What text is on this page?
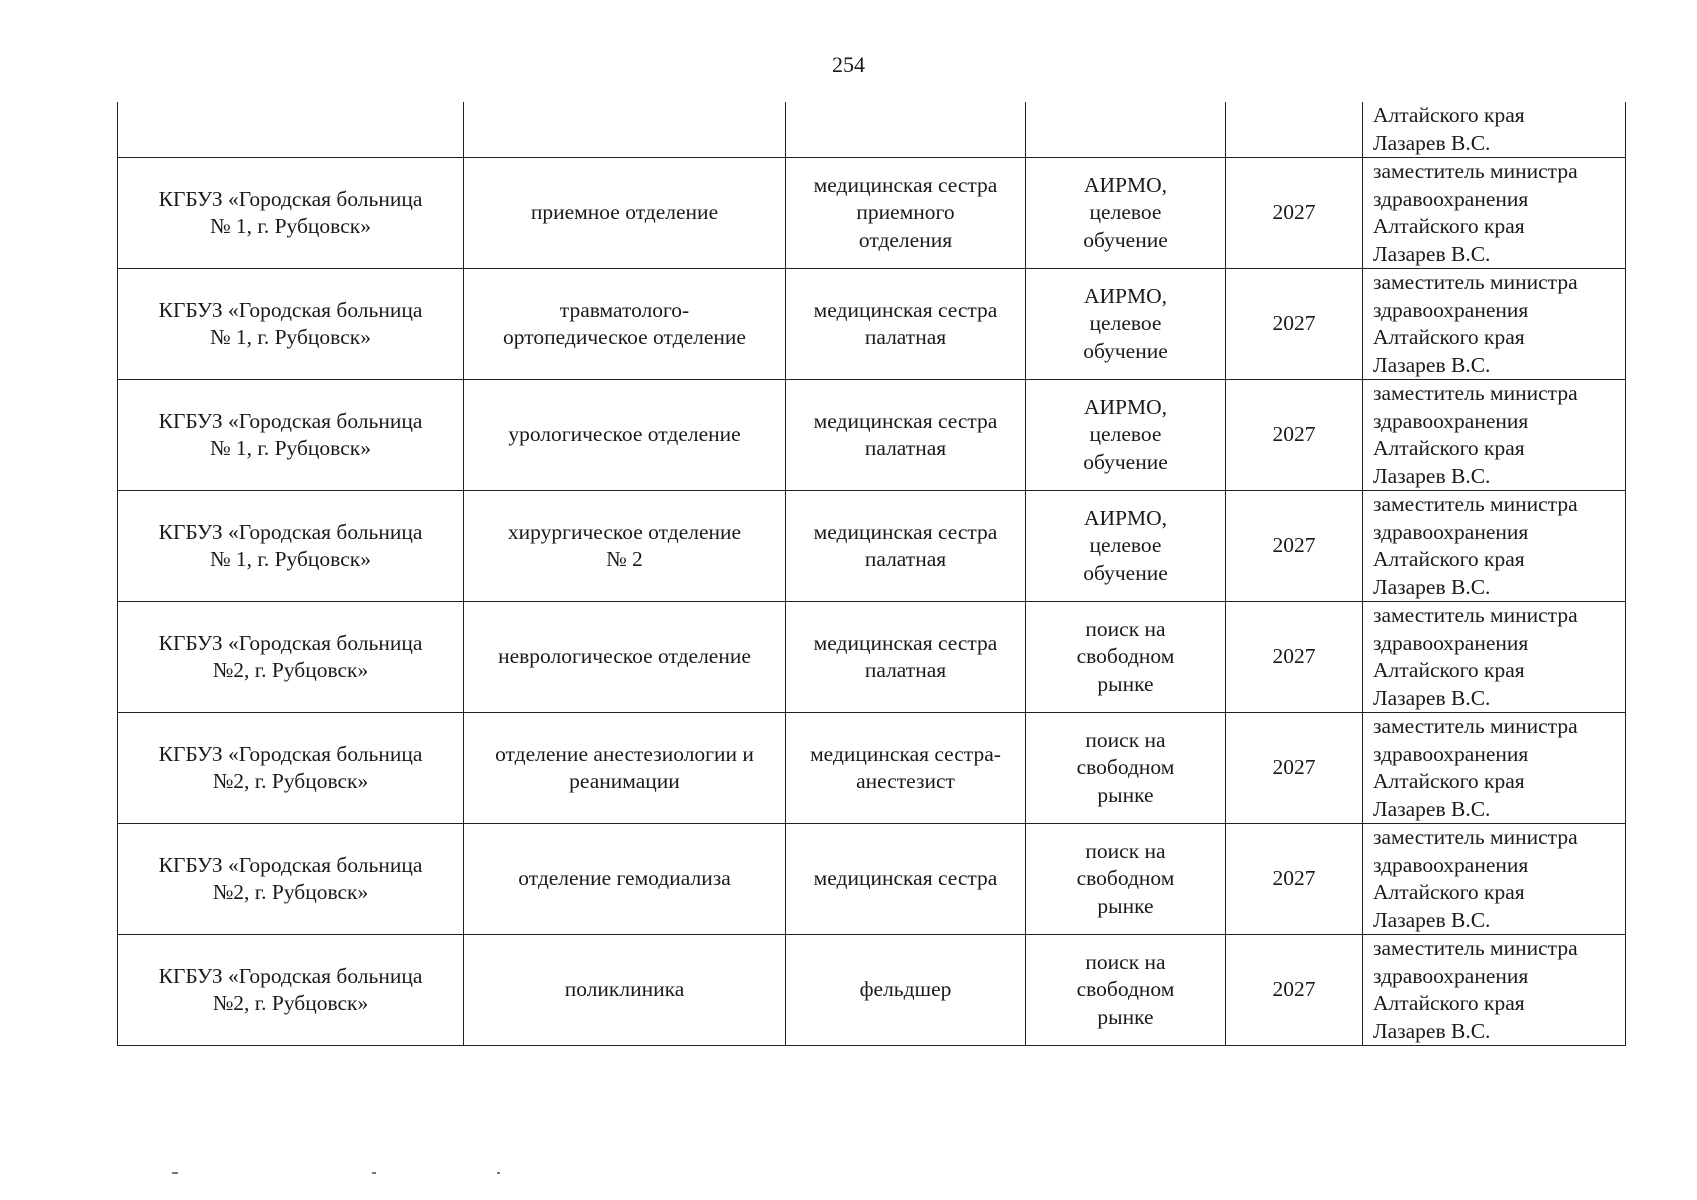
254

					Алтайского края
Лазарев В.С.

КГБУЗ «Городская больница
№ 1, г. Рубцовск»	приемное отделение	медицинская сестра
приемного
отделения	АИРМО,
целевое
обучение	2027	заместитель министра
здравоохранения
Алтайского края
Лазарев В.С.

КГБУЗ «Городская больница
№ 1, г. Рубцовск»	травматолого-
ортопедическое отделение	медицинская сестра
палатная	АИРМО,
целевое
обучение	2027	заместитель министра
здравоохранения
Алтайского края
Лазарев В.С.

КГБУЗ «Городская больница
№ 1, г. Рубцовск»	урологическое отделение	медицинская сестра
палатная	АИРМО,
целевое
обучение	2027	заместитель министра
здравоохранения
Алтайского края
Лазарев В.С.

КГБУЗ «Городская больница
№ 1, г. Рубцовск»	хирургическое отделение
№ 2	медицинская сестра
палатная	АИРМО,
целевое
обучение	2027	заместитель министра
здравоохранения
Алтайского края
Лазарев В.С.

КГБУЗ «Городская больница
№2, г. Рубцовск»	неврологическое отделение	медицинская сестра
палатная	поиск на
свободном
рынке	2027	заместитель министра
здравоохранения
Алтайского края
Лазарев В.С.

КГБУЗ «Городская больница
№2, г. Рубцовск»	отделение анестезиологии и
реанимации	медицинская сестра-
анестезист	поиск на
свободном
рынке	2027	заместитель министра
здравоохранения
Алтайского края
Лазарев В.С.

КГБУЗ «Городская больница
№2, г. Рубцовск»	отделение гемодиализа	медицинская сестра	поиск на
свободном
рынке	2027	заместитель министра
здравоохранения
Алтайского края
Лазарев В.С.

КГБУЗ «Городская больница
№2, г. Рубцовск»	поликлиника	фельдшер	поиск на
свободном
рынке	2027	заместитель министра
здравоохранения
Алтайского края
Лазарев В.С.
